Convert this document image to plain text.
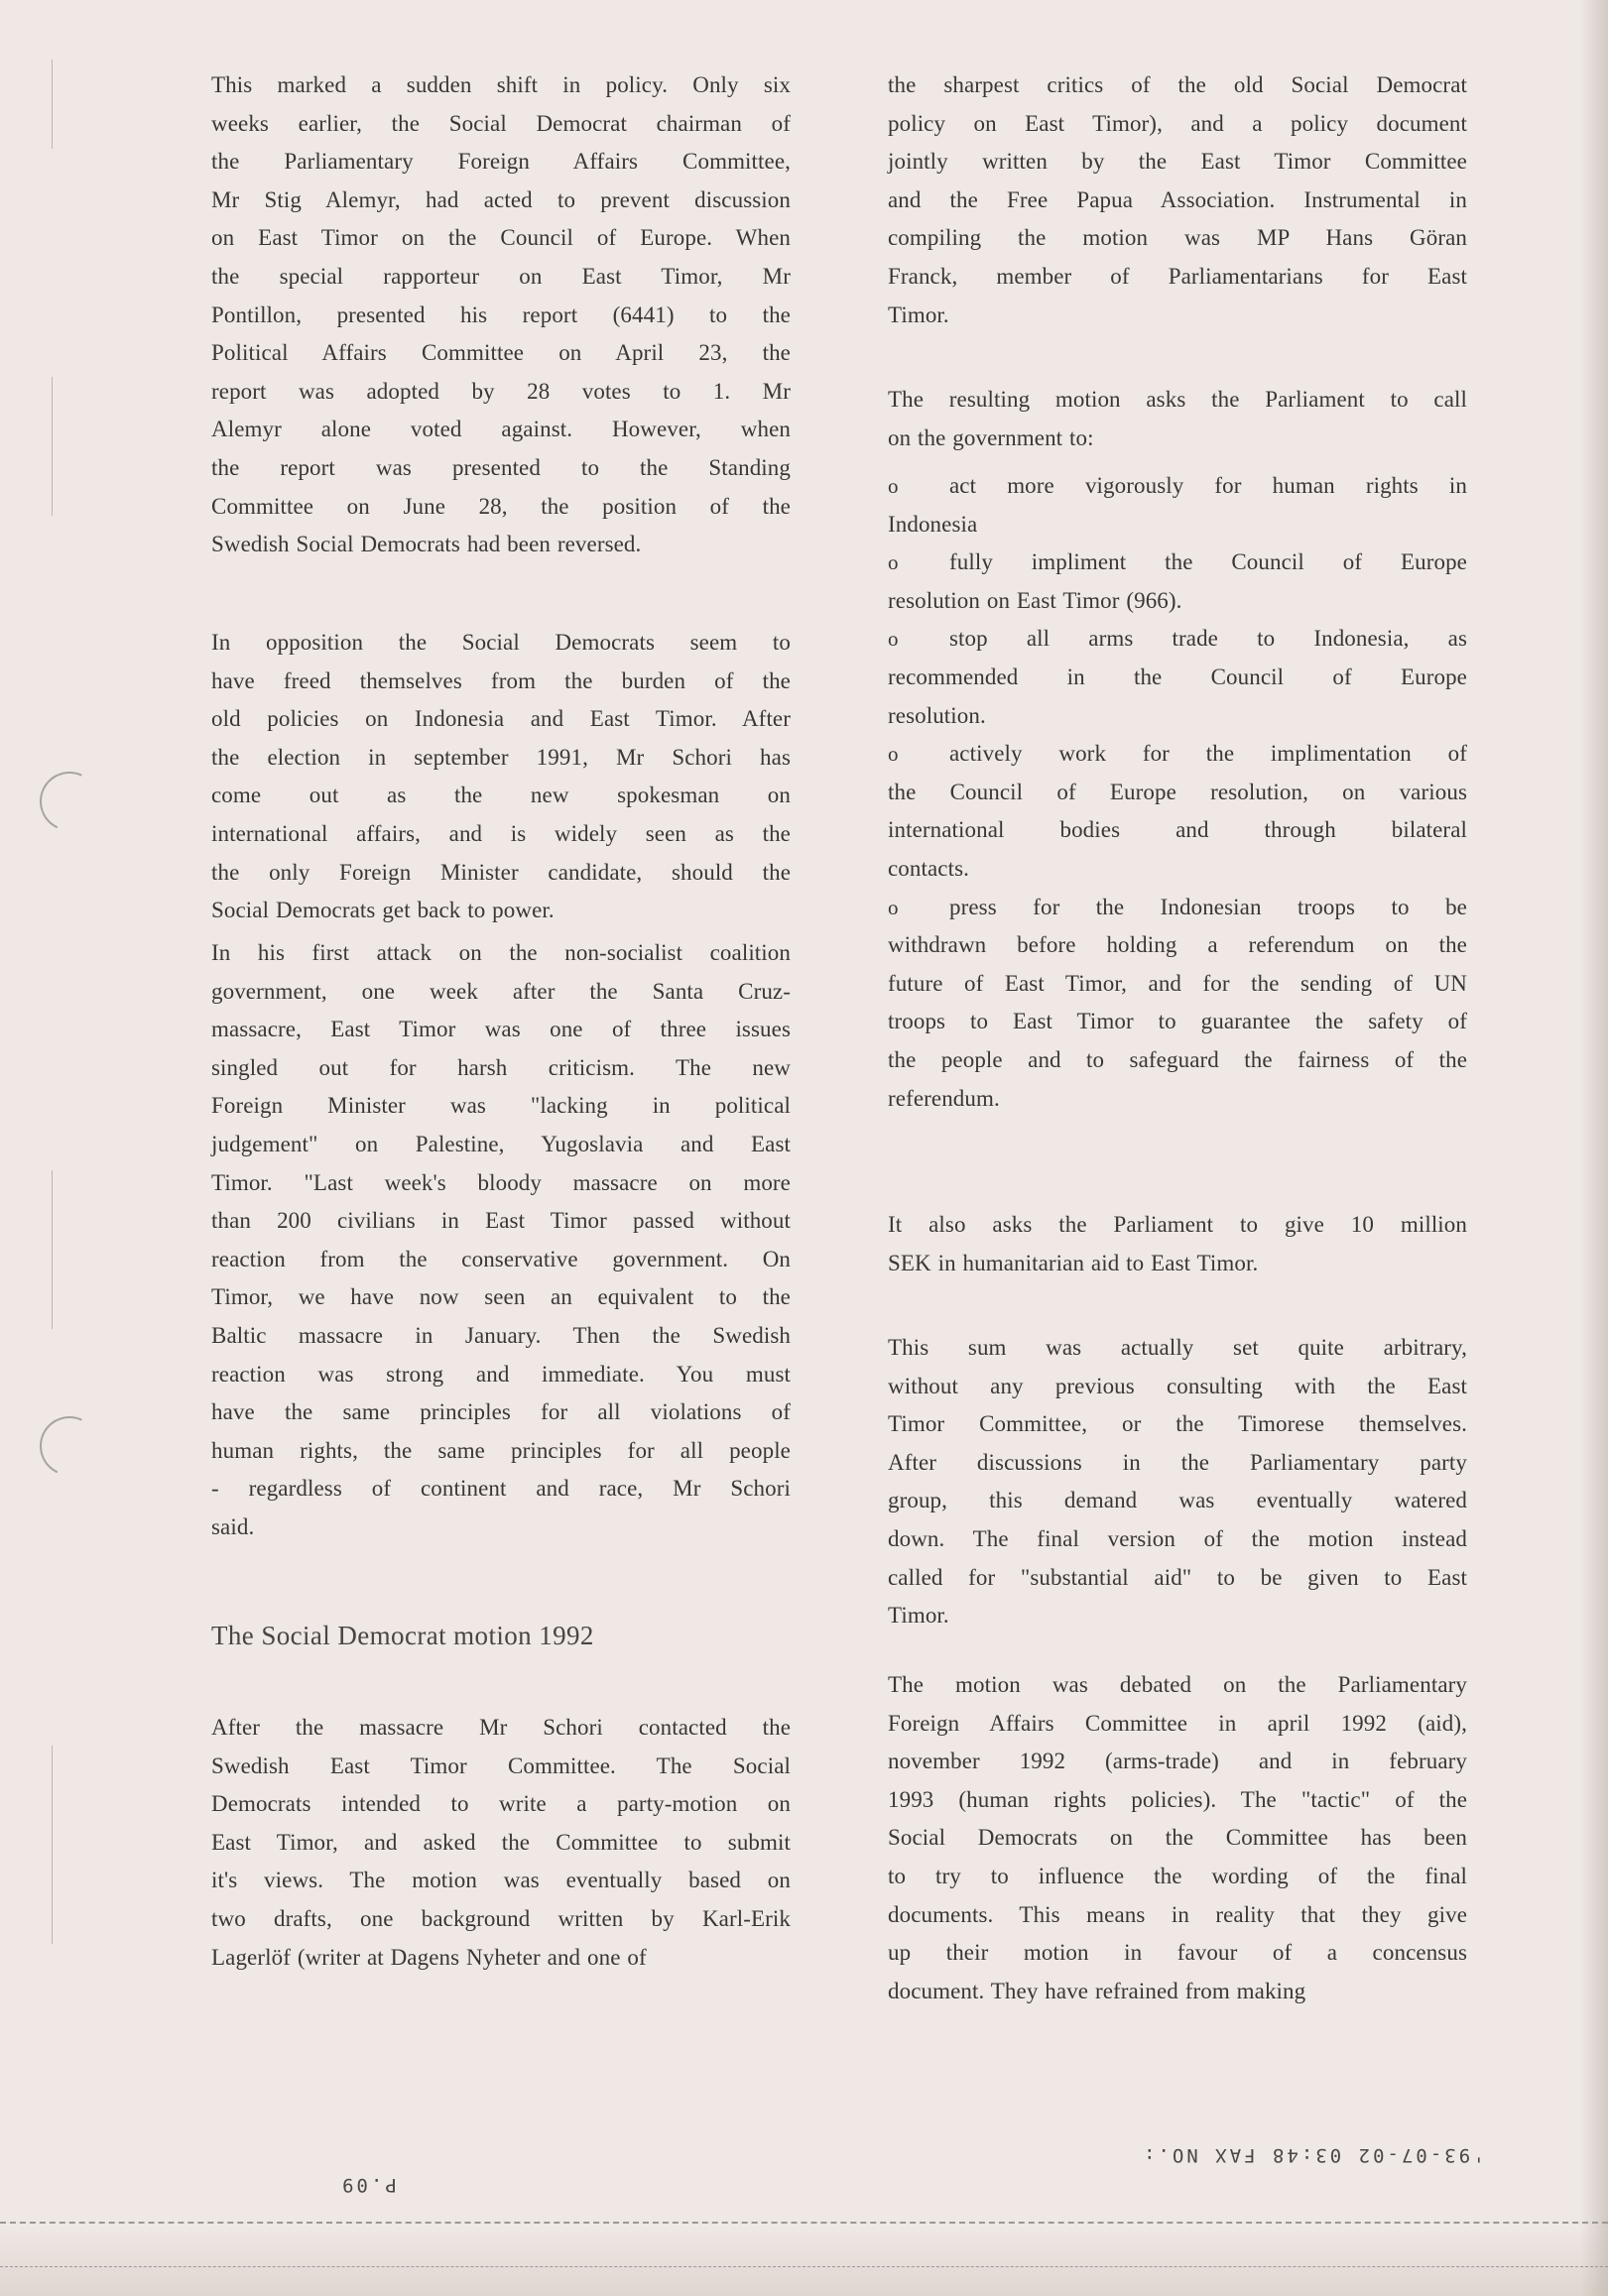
This marked a sudden shift in policy. Only six
weeks earlier, the Social Democrat chairman of
the Parliamentary Foreign Affairs Committee,
Mr Stig Alemyr, had acted to prevent discussion
on East Timor on the Council of Europe. When
the special rapporteur on East Timor, Mr
Pontillon, presented his report (6441) to the
Political Affairs Committee on April 23, the
report was adopted by 28 votes to 1. Mr
Alemyr alone voted against. However, when
the report was presented to the Standing
Committee on June 28, the position of the
Swedish Social Democrats had been reversed.
In opposition the Social Democrats seem to
have freed themselves from the burden of the
old policies on Indonesia and East Timor. After
the election in september 1991, Mr Schori has
come out as the new spokesman on
international affairs, and is widely seen as the
the only Foreign Minister candidate, should the
Social Democrats get back to power.
In his first attack on the non-socialist coalition
government, one week after the Santa Cruz-
massacre, East Timor was one of three issues
singled out for harsh criticism. The new
Foreign Minister was "lacking in political
judgement" on Palestine, Yugoslavia and East
Timor. "Last week's bloody massacre on more
than 200 civilians in East Timor passed without
reaction from the conservative government. On
Timor, we have now seen an equivalent to the
Baltic massacre in January. Then the Swedish
reaction was strong and immediate. You must
have the same principles for all violations of
human rights, the same principles for all people
- regardless of continent and race, Mr Schori
said.
The Social Democrat motion 1992
After the massacre Mr Schori contacted the
Swedish East Timor Committee. The Social
Democrats intended to write a party-motion on
East Timor, and asked the Committee to submit
it's views. The motion was eventually based on
two drafts, one background written by Karl-Erik
Lagerlöf (writer at Dagens Nyheter and one of
the sharpest critics of the old Social Democrat
policy on East Timor), and a policy document
jointly written by the East Timor Committee
and the Free Papua Association. Instrumental in
compiling the motion was MP Hans Göran
Franck, member of Parliamentarians for East
Timor.
The resulting motion asks the Parliament to call
on the government to:
o	act more vigorously for human rights in
Indonesia
o	fully impliment the Council of Europe
resolution on East Timor (966).
o	stop all arms trade to Indonesia, as
recommended in the Council of Europe
resolution.
o	actively work for the implimentation of
the Council of Europe resolution, on various
international bodies and through bilateral
contacts.
o	press for the Indonesian troops to be
withdrawn before holding a referendum on the
future of East Timor, and for the sending of UN
troops to East Timor to guarantee the safety of
the people and to safeguard the fairness of the
referendum.
It also asks the Parliament to give 10 million
SEK in humanitarian aid to East Timor.
This sum was actually set quite arbitrary,
without any previous consulting with the East
Timor Committee, or the Timorese themselves.
After discussions in the Parliamentary party
group, this demand was eventually watered
down. The final version of the motion instead
called for "substantial aid" to be given to East
Timor.
The motion was debated on the Parliamentary
Foreign Affairs Committee in april 1992 (aid),
november 1992 (arms-trade) and in february
1993 (human rights policies). The "tactic" of the
Social Democrats on the Committee has been
to try to influence the wording of the final
documents. This means in reality that they give
up their motion in favour of a concensus
document. They have refrained from making
'93-07-02 03:48 FAX NO.:
P.09
